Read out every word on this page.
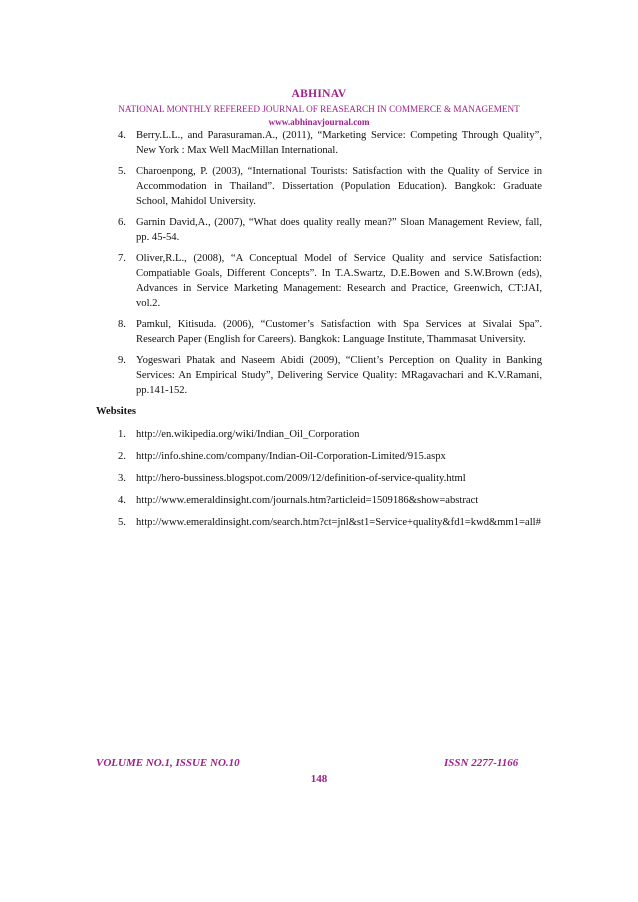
ABHINAV
NATIONAL MONTHLY REFEREED JOURNAL OF REASEARCH IN COMMERCE & MANAGEMENT
www.abhinavjournal.com
4. Berry.L.L., and Parasuraman.A., (2011), “Marketing Service: Competing Through Quality”, New York : Max Well MacMillan International.
5. Charoenpong, P. (2003), “International Tourists: Satisfaction with the Quality of Service in Accommodation in Thailand”. Dissertation (Population Education). Bangkok: Graduate School, Mahidol University.
6. Garnin David,A., (2007), “What does quality really mean?” Sloan Management Review, fall, pp. 45-54.
7. Oliver,R.L., (2008), “A Conceptual Model of Service Quality and service Satisfaction: Compatiable Goals, Different Concepts”. In T.A.Swartz, D.E.Bowen and S.W.Brown (eds), Advances in Service Marketing Management: Research and Practice, Greenwich, CT:JAI, vol.2.
8. Pamkul, Kitisuda. (2006), “Customer’s Satisfaction with Spa Services at Sivalai Spa”. Research Paper (English for Careers). Bangkok: Language Institute, Thammasat University.
9. Yogeswari Phatak and Naseem Abidi (2009), “Client’s Perception on Quality in Banking Services: An Empirical Study”, Delivering Service Quality: MRagavachari and K.V.Ramani, pp.141-152.
Websites
1. http://en.wikipedia.org/wiki/Indian_Oil_Corporation
2. http://info.shine.com/company/Indian-Oil-Corporation-Limited/915.aspx
3. http://hero-bussiness.blogspot.com/2009/12/definition-of-service-quality.html
4. http://www.emeraldinsight.com/journals.htm?articleid=1509186&show=abstract
5. http://www.emeraldinsight.com/search.htm?ct=jnl&st1=Service+quality&fd1=kwd&mm1=all#
VOLUME NO.1, ISSUE NO.10	ISSN 2277-1166
148
